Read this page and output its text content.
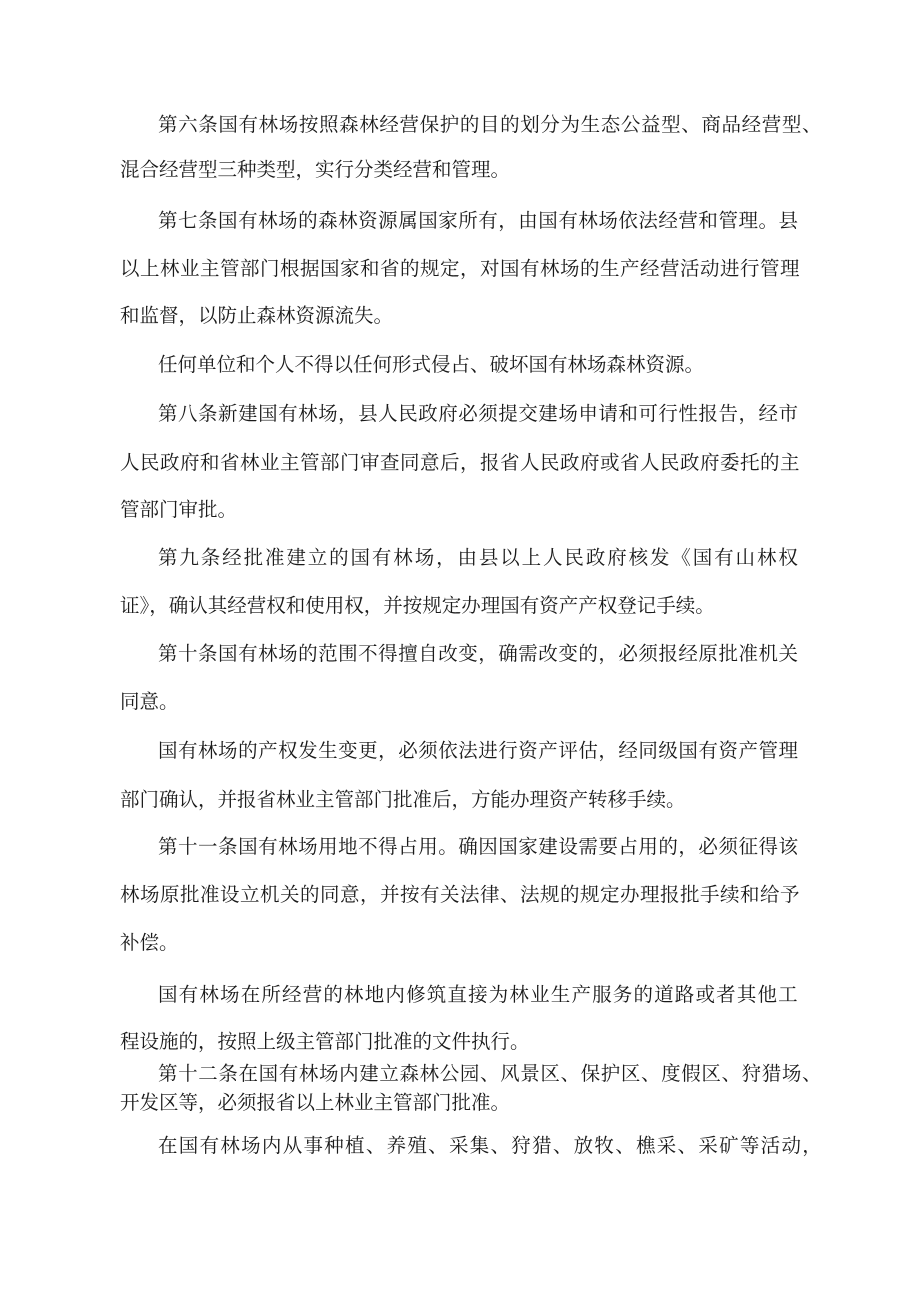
第 六 条 国 有 林 场 按 照 森 林 经 营 保 护 的 目 的 划 分 为 生 态 公 益 型 、 商 品 经 营 型 、
混合经营型三种类型，实行分类经营和管理。
第 七 条 国 有 林 场 的 森 林 资 源 属 国 家 所 有 ， 由 国 有 林 场 依 法 经 营 和 管 理 。 县
以 上 林 业 主 管 部 门 根 据 国 家 和 省 的 规 定 ， 对 国 有 林 场 的 生 产 经 营 活 动 进 行 管 理
和监督，以防止森林资源流失。
任何单位和个人不得以任何形式侵占、破坏国有林场森林资源。
第 八 条 新 建 国 有 林 场 ， 县 人 民 政 府 必 须 提 交 建 场 申 请 和 可 行 性 报 告 ， 经 市
人 民 政 府 和 省 林 业 主 管 部 门 审 查 同 意 后 ， 报 省 人 民 政 府 或 省 人 民 政 府 委 托 的 主
管部门审批。
第 九 条 经 批 准 建 立 的 国 有 林 场 ， 由 县 以 上 人 民 政 府 核 发 《 国 有 山 林 权
证》，确认其经营权和使用权，并按规定办理国有资产产权登记手续。
第 十 条 国 有 林 场 的 范 围 不 得 擅 自 改 变 ， 确 需 改 变 的 ， 必 须 报 经 原 批 准 机 关
同意。
国 有 林 场 的 产 权 发 生 变 更 ， 必 须 依 法 进 行 资 产 评 估 ， 经 同 级 国 有 资 产 管 理
部门确认，并报省林业主管部门批准后，方能办理资产转移手续。
第 十 一 条 国 有 林 场 用 地 不 得 占 用 。 确 因 国 家 建 设 需 要 占 用 的 ， 必 须 征 得 该
林 场 原 批 准 设 立 机 关 的 同 意 ， 并 按 有 关 法 律 、 法 规 的 规 定 办 理 报 批 手 续 和 给 予
补偿。
国 有 林 场 在 所 经 营 的 林 地 内 修 筑 直 接 为 林 业 生 产 服 务 的 道 路 或 者 其 他 工
程设施的，按照上级主管部门批准的文件执行。
第 十 二 条 在 国 有 林 场 内 建 立 森 林 公 园 、 风 景 区 、 保 护 区 、 度 假 区 、 狩 猎 场 、
开发区等，必须报省以上林业主管部门批准。
在 国 有 林 场 内 从 事 种 植 、 养 殖 、 采 集 、 狩 猎 、 放 牧 、 樵 采 、 采 矿 等 活 动 ，
